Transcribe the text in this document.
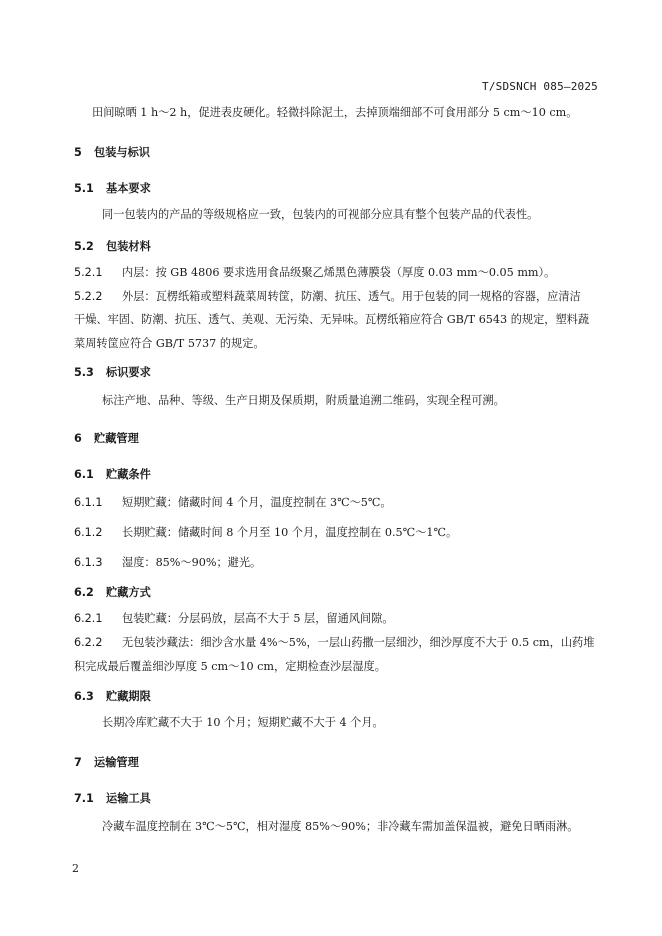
T/SDSNCH 085—2025
田间晾晒 1 h～2 h，促进表皮硬化。轻微抖除泥土，去掉顶端细部不可食用部分 5 cm～10 cm。
5 包装与标识
5.1 基本要求
同一包装内的产品的等级规格应一致，包装内的可视部分应具有整个包装产品的代表性。
5.2 包装材料
5.2.1 内层：按 GB 4806 要求选用食品级聚乙烯黑色薄膜袋（厚度 0.03 mm～0.05 mm）。
5.2.2 外层：瓦楞纸箱或塑料蔬菜周转筐，防潮、抗压、透气。用于包装的同一规格的容器，应清洁
干燥、牢固、防潮、抗压、透气、美观、无污染、无异味。瓦楞纸箱应符合 GB/T 6543 的规定，塑料蔬
菜周转筐应符合 GB/T 5737 的规定。
5.3 标识要求
标注产地、品种、等级、生产日期及保质期，附质量追溯二维码，实现全程可溯。
6 贮藏管理
6.1 贮藏条件
6.1.1 短期贮藏：储藏时间 4 个月，温度控制在 3℃～5℃。
6.1.2 长期贮藏：储藏时间 8 个月至 10 个月，温度控制在 0.5℃～1℃。
6.1.3 湿度：85%～90%；避光。
6.2 贮藏方式
6.2.1 包装贮藏：分层码放，层高不大于 5 层，留通风间隙。
6.2.2 无包装沙藏法：细沙含水量 4%～5%，一层山药撒一层细沙，细沙厚度不大于 0.5 cm，山药堆
积完成最后覆盖细沙厚度 5 cm～10 cm，定期检查沙层湿度。
6.3 贮藏期限
长期冷库贮藏不大于 10 个月；短期贮藏不大于 4 个月。
7 运输管理
7.1 运输工具
冷藏车温度控制在 3℃～5℃，相对湿度 85%～90%；非冷藏车需加盖保温被，避免日晒雨淋。
2
